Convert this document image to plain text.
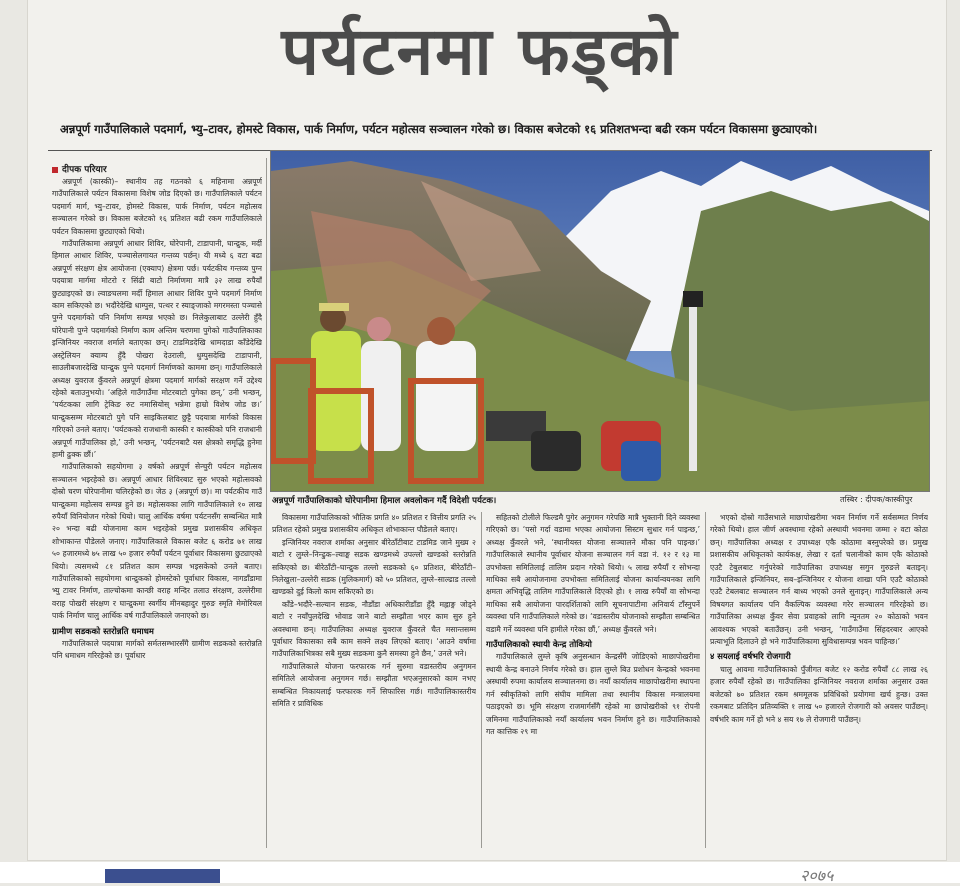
पर्यटनमा फड्को
अन्नपूर्ण गाउँपालिकाले पदमार्ग, भ्यु–टावर, होमस्टे विकास, पार्क निर्माण, पर्यटन महोत्सव सञ्चालन गरेको छ। विकास बजेटको १६ प्रतिशतभन्दा बढी रकम पर्यटन विकासमा छुट्याएको।
दीपक परियार

अन्नपूर्ण (कास्की)– स्थानीय तह गठनको ६ महिनामा अन्नपूर्ण गाउँपालिकाले पर्यटन विकासमा विशेष जोड दिएको छ। गाउँपालिकाले पर्यटन पदमार्ग मार्ग, भ्यु–टावर, होमस्टे विकास, पार्क निर्माण, पर्यटन महोत्सव सञ्चालन गरेको छ। विकास बजेटको १६ प्रतिशत बढी रकम गाउँपालिकाले पर्यटन विकासमा छुट्याएको थियो।

गाउँपालिकामा अन्नपूर्ण आधार शिविर, घोरेपानी, टाडापानी, घान्द्रुक, मर्दी हिमाल आधार शिविर, पञ्चासेलगायत गन्तव्य पर्छन्। यी मध्ये ६ वटा बढा अन्नपूर्ण संरक्षण क्षेत्र आयोजना (एक्याप) क्षेत्रमा पर्छ। पर्यटकीय गन्तव्य पुग्न पदयात्रा मार्गमा मोटरो र सिंढी बाटो निर्माणमा मात्रै ३२ लाख रुपैयाँ छुट्याइएको छ। ल्वाङघलमा मर्दी हिमाल आधार शिविर पुग्ने पदमार्ग निर्माण काम सकिएको छ। भदौरेदेखि धाम्पुस, पत्थर र स्याङ्जाको मगरमस्ता पञ्चासे पुग्ने पदमार्गको पनि निर्माण सम्पन्न भएको छ। निलेकुलाबाट उल्लेरी हुँदै घोरेपानी पुग्ने पदमार्गको निर्माण काम अन्तिम चरणमा पुगेको गाउँपालिकाका इन्जिनियर नवराज शर्माले बताएका छन्। टाडमिडदेखि धामदाडा काँडेदेखि अस्ट्रेलियन क्याम्प हुँदै पोखरा देउराली, धुम्पुसदेखि टाडापानी, साउलीबजारदेखि घान्द्रुक पुग्ने पदमार्ग निर्माणको काममा छन्। गाउँपालिकाले अध्यक्ष युवराज कुँवरले अन्नपूर्ण क्षेत्रमा पदमार्ग मार्गको सरक्षण गर्ने उद्देश्य रहेको बताउनुभयो। ‘अहिले गाउँगाउँमा मोटरबाटो पुगेका छन्,’ उनी भन्छन्, ‘पर्यटकका लागि ट्रेकिङ रुट नमासियोस् भन्नेमा हाम्रो विशेष जोड छ।’ घान्द्रुकसम्म मोटरबाटो पुगे पनि साइकिलबाट छुट्टै पदयात्रा मार्गको विकास गरिएको उनले बताए। ‘पर्यटकको राजधानी कास्की र कास्कीको पनि राजधानी अन्नपूर्ण गाउँपालिका हो,’ उनी भन्छन्, ‘पर्यटनबाटै यस क्षेत्रको समृद्धि हुनेमा हामी ढुक्क छौं।’

गाउँपालिकाको सहयोगमा ३ वर्षको अन्नपूर्ण सेन्चुरी पर्यटन महोत्सव सञ्चालन भइरहेको छ। अन्नपूर्ण आधार शिविरबाट सुरु भएको महोत्सवको दोस्रो चरण घोरेपानीमा चलिरहेको छ। जेठ ३ (अन्नपूर्ण छ)। मा पर्यटकीय गाउँ घान्द्रुकमा महोत्सव सम्पन्न हुने छ। महोत्सवका लागि गाउँपालिकाले १० लाख रुपैयाँ विनियोजन गरेको थियो। चालु आर्थिक वर्षमा पर्यटनसँग सम्बन्धित मात्रै २० भन्दा बढी योजनामा काम भइरहेको प्रमुख प्रशासकीय अधिकृत शोभाकान्त पौडेलले जनाए। गाउँपालिकाले विकास बजेट ६ करोड ७१ लाख ५० हजारमध्ये ७५ लाख ५० हजार रुपैयाँ पर्यटन पूर्वाधार विकासमा छुट्याएको थियो। त्यसमध्ये ८१ प्रतिशत काम सम्पन्न भइसकेको उनले बताए। गाउँपालिकाको सहयोगमा धान्द्रुकको होमस्टेको पूर्वाधार विकास, नागडाँडामा भ्यु टावर निर्माण, ताल्चोकमा कान्छी वराह मन्दिर तलाउ संरक्षण, उल्लेरीमा वराह पोखरी संरक्षण र घान्द्रुकमा स्वर्गीय मीनबहादुर गुरुङ स्मृति मेमोरियल पार्क निर्माण चालु आर्थिक वर्ष गाउँपालिकाले जनाएको छ।

ग्रामीण सडकको स्तरोन्नति धमाधम

गाउँपालिकाले पदयात्रा मार्गको सर्मतसम्भारसँगै ग्रामीण सडकको स्तरोन्नति पनि धमाधम गरिरहेको छ। पूर्वाधार

अन्नपूर्ण गाउँपालिकाको घोरेपानीमा हिमाल अवलोकन गर्दै विदेशी पर्यटक।	तस्बिर : दीपक/कास्कीपुर

विकासमा गाउँपालिकाको भौतिक प्रगति ४० प्रतिशत र वित्तीय प्रगति २५ प्रतिशत रहेको प्रमुख प्रशासकीय अधिकृत शोभाकान्त पौडेलले बताए।

इन्जिनियर नवराज शर्माका अनुसार बीरेठाँटीबाट टाडमिड जाने मुख्य २ बाटो र लुम्ले–निन्ढुक–ल्वाङ्घ सडक खण्डमध्ये उपल्लो खण्डको स्तरोन्नति सकिएको छ। बीरेठाँटी–घान्द्रुक तल्लो सडकको ६० प्रतिशत, बीरेठाँटी–निलेखुला–उल्लेरी सडक (मुलिकमार्ग) को ५० प्रतिशत, लुम्ले–साल्ढाड तल्लो खण्डको दुई किलो काम सकिएको छ।

काँडे–भदौरे–सल्यान सडक, नौडाँडा अधिकारीडाँडा हुँदै मह्लाङ्ग जोड्ने बाटो र नयाँपुलदेखि भोवाड जाने बाटो सम्झौता भएर काम सुरु हुने अवस्थामा छन्। गाउँपालिका अध्यक्ष युवराज कुँवरले चैत मसान्तसम्म पूर्वाधार विकासका सबै काम सक्ने लक्ष्य लिएको बताए। ‘आउने वर्षामा गाउँपालिकाभित्रका सबै मुख्य सडकमा कुनै समस्या हुने छैन,’ उनले भने।

गाउँपालिकाले योजना फरफारक गर्न सुरुमा वडास्तरीय अनुगमन समितिले आयोजना अनुगमन गर्छ। सम्झौता भएअनुसारको काम नभए सम्बन्धित निकायलाई फरफारक गर्ने सिफारिस गर्छ। गाउँपालिकास्तरीय समिति र प्राविधिक

सहितको टोलीले फिल्डमै पुगेर अनुगमन गरेपछि मात्रै भुक्तानी दिने व्यवस्था गरिएको छ। ‘पसो गर्दा वडामा भएका आयोजना सिस्टम सुधार गर्न पाइन्छ,’ अध्यक्ष कुँवरले भने, ‘स्थानीयस्त योजना सञ्चालने मौका पनि पाइन्छ।’ गाउँपालिकाले स्थानीय पूर्वाधार योजना सञ्चालन गर्न वडा नं. १२ र १३ मा उपभोक्ता समितिलाई तालिम प्रदान गरेको थियो। ५ लाख रुपैयाँ र सोभन्दा माथिका सबै आयोजनामा उपभोक्ता समितिलाई योजना कार्यान्वयनका लागि क्षमता अभिवृद्धि तालिम गाउँपालिकाले दिएको हो। १ लाख रुपैयाँ वा सोभन्दा माथिका सबै आयोजना पारदर्शिताको लागि सूचनापाटीमा अनिवार्य टाँस्नुपर्ने व्यवस्था पनि गाउँपालिकाले गरेको छ। ‘वडास्तरीय योजनाको सम्झौता सम्बन्धित वडामै गर्ने व्यवस्था पनि हामीले गरेका छौं,’ अध्यक्ष कुँवरले भने।

गाउँपालिकाको स्थायी केन्द्र तोकियो

गाउँपालिकाले लुम्ले कृषि अनुसन्धान केन्द्रसँगै जोडिएको माछापोखरीमा स्थायी केन्द्र बनाउने निर्णय गरेको छ। हाल लुम्ले बिउ प्रशोधन केन्द्रको भवनमा अस्थायी रुपमा कार्यालय सञ्चालनमा छ। नयाँ कार्यालय माछापोखरीमा स्थापना गर्न स्वीकृतिको लागि संघीय मामिला तथा स्थानीय विकास मन्त्रालयमा पठाइएको छ। भूमि संरक्षण राजमार्गसँगै रहेको मा छापोखरीको ९१ रोपनी जमिनमा गाउँपालिकाको नयाँ कार्यालय भवन निर्माण हुने छ। गाउँपालिकाको गत कात्तिक २९ मा

भएको दोस्रो गाउँसभाले माछापोखरीमा भवन निर्माण गर्ने सर्वसम्मत निर्णय गरेको थियो। हाल जीर्ण अवस्थामा रहेको अस्थायी भवनमा जम्मा २ वटा कोठा छन्। गाउँपालिका अध्यक्ष र उपाध्यक्ष एकै कोठामा बस्नुपरेको छ। प्रमुख प्रशासकीय अधिकृतको कार्यकक्ष, लेखा र दर्ता चलानीको काम एकै कोठाको एउटै टेबुलबाट गर्नुपरेको गाउँपालिका उपाध्यक्ष सगुन गुरुङले बताइन्। गाउँपालिकाले इन्जिनियर, सब–इन्जिनियर र योजना शाखा पनि एउटै कोठाको एउटै टेबलबाट सञ्चालन गर्न बाध्य भएको उनले सुनाइन्। गाउँपालिकाले अन्य विषयगत कार्यालय पनि वैकल्पिक व्यवस्था गरेर सञ्चालन गरिरहेको छ। गाउँपालिका अध्यक्ष कुँवर सेवा प्रवाहको लागि न्यूनतम २० कोठाको भवन आवश्यक भएको बताउँछन्। उनी भन्छन्, ‘गाउँगाउँमा सिंहदरबार आएको प्रत्याभूति दिलाउने हो भने गाउँपालिकामा सुविधासम्पन्न भवन चाहिन्छ।’

४ सयलाई वर्षभरि रोजगारी

चालु आवमा गाउँपालिकाको पुँजीगत बजेट १२ करोड रुपैयाँ ८८ लाख २६ हजार रुपैयाँ रहेको छ। गाउँपालिका इन्जिनियर नवराज शर्माका अनुसार उक्त बजेटको ७० प्रतिशत रकम श्रममूलक प्रविधिको प्रयोगमा खर्च हुन्छ। उक्त रकमबाट प्रतिदिन प्रतिव्यक्ति १ लाख ५० हजारले रोजगारी को अवसर पाउँछन्। वर्षभरि काम गर्ने हो भने ४ सय १७ ले रोजगारी पाउँछन्।

२०७५
